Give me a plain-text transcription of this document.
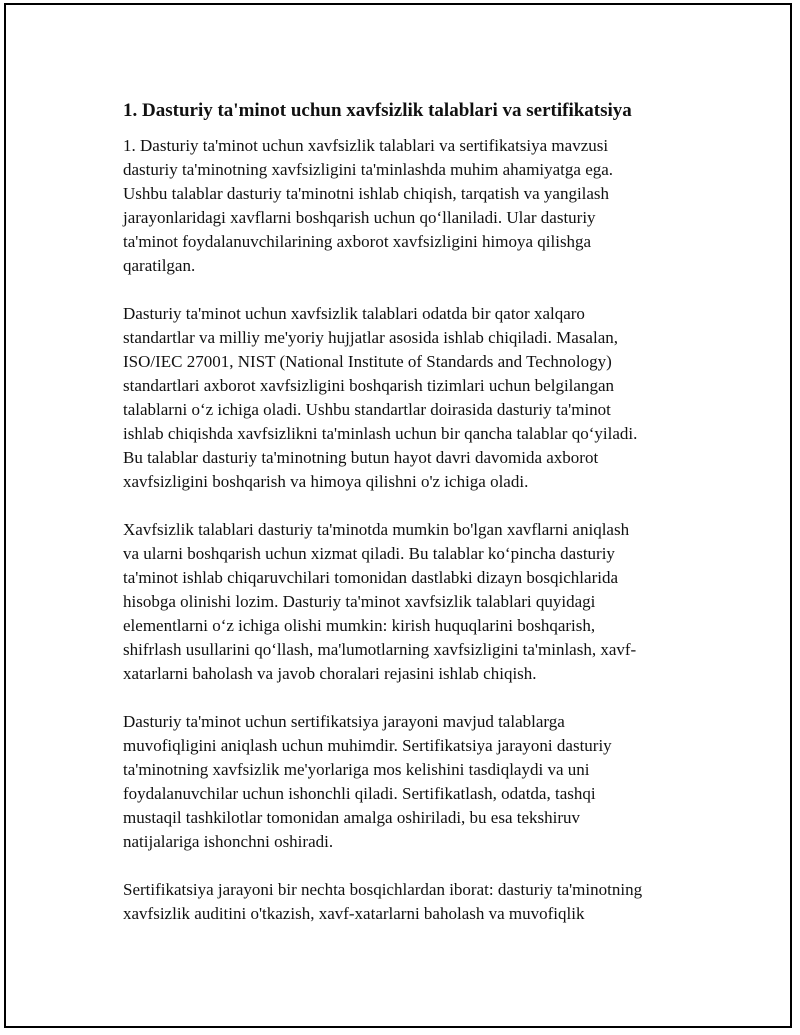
1. Dasturiy ta'minot uchun xavfsizlik talablari va sertifikatsiya

1. Dasturiy ta'minot uchun xavfsizlik talablari va sertifikatsiya mavzusi
dasturiy ta'minotning xavfsizligini ta'minlashda muhim ahamiyatga ega.
Ushbu talablar dasturiy ta'minotni ishlab chiqish, tarqatish va yangilash
jarayonlaridagi xavflarni boshqarish uchun qo‘llaniladi. Ular dasturiy
ta'minot foydalanuvchilarining axborot xavfsizligini himoya qilishga
qaratilgan.

Dasturiy ta'minot uchun xavfsizlik talablari odatda bir qator xalqaro
standartlar va milliy me'yoriy hujjatlar asosida ishlab chiqiladi. Masalan,
ISO/IEC 27001, NIST (National Institute of Standards and Technology)
standartlari axborot xavfsizligini boshqarish tizimlari uchun belgilangan
talablarni o‘z ichiga oladi. Ushbu standartlar doirasida dasturiy ta'minot
ishlab chiqishda xavfsizlikni ta'minlash uchun bir qancha talablar qo‘yiladi.
Bu talablar dasturiy ta'minotning butun hayot davri davomida axborot
xavfsizligini boshqarish va himoya qilishni o'z ichiga oladi.

Xavfsizlik talablari dasturiy ta'minotda mumkin bo'lgan xavflarni aniqlash
va ularni boshqarish uchun xizmat qiladi. Bu talablar ko‘pincha dasturiy
ta'minot ishlab chiqaruvchilari tomonidan dastlabki dizayn bosqichlarida
hisobga olinishi lozim. Dasturiy ta'minot xavfsizlik talablari quyidagi
elementlarni o‘z ichiga olishi mumkin: kirish huquqlarini boshqarish,
shifrlash usullarini qo‘llash, ma'lumotlarning xavfsizligini ta'minlash, xavf-
xatarlarni baholash va javob choralari rejasini ishlab chiqish.

Dasturiy ta'minot uchun sertifikatsiya jarayoni mavjud talablarga
muvofiqligini aniqlash uchun muhimdir. Sertifikatsiya jarayoni dasturiy
ta'minotning xavfsizlik me'yorlariga mos kelishini tasdiqlaydi va uni
foydalanuvchilar uchun ishonchli qiladi. Sertifikatlash, odatda, tashqi
mustaqil tashkilotlar tomonidan amalga oshiriladi, bu esa tekshiruv
natijalariga ishonchni oshiradi.

Sertifikatsiya jarayoni bir nechta bosqichlardan iborat: dasturiy ta'minotning
xavfsizlik auditini o'tkazish, xavf-xatarlarni baholash va muvofiqlik
